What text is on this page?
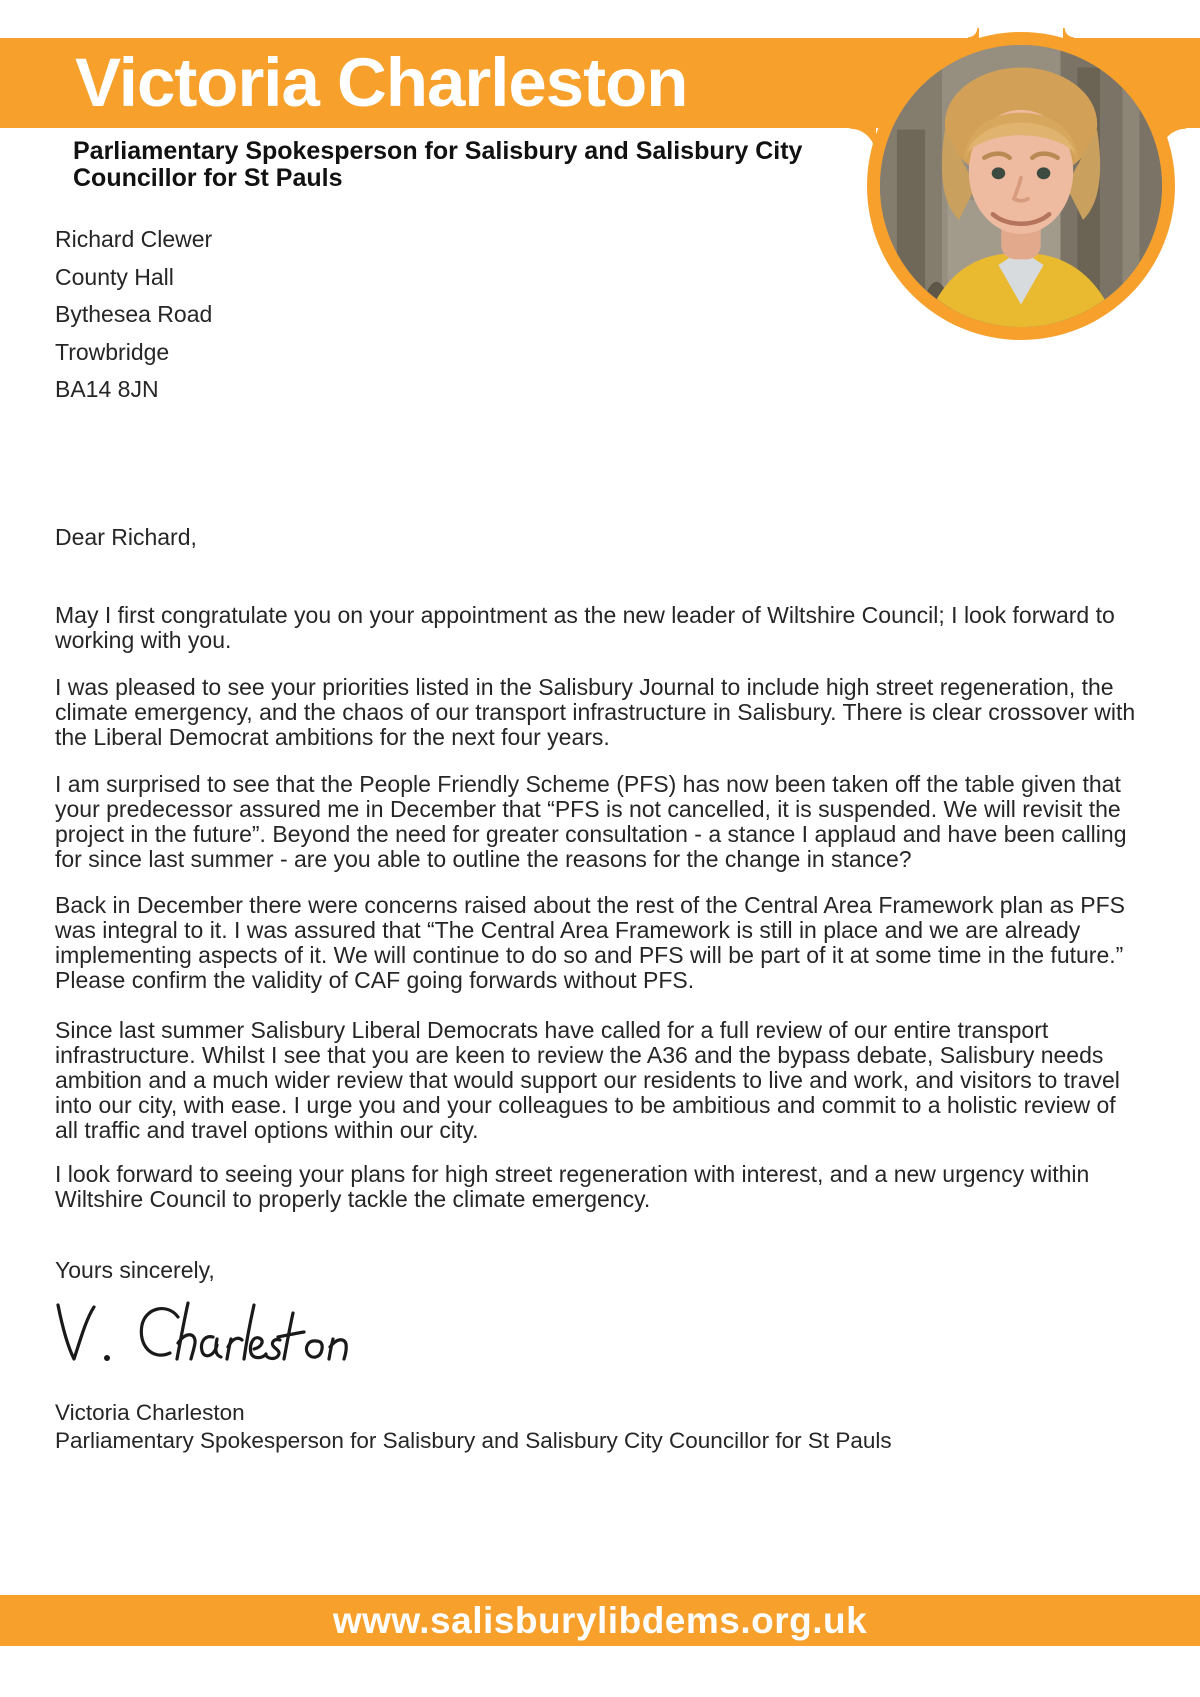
Victoria Charleston
Parliamentary Spokesperson for Salisbury and Salisbury City Councillor for St Pauls
Richard Clewer
County Hall
Bythesea Road
Trowbridge
BA14 8JN

Dear Richard,

May I first congratulate you on your appointment as the new leader of Wiltshire Council; I look forward to working with you.

I was pleased to see your priorities listed in the Salisbury Journal to include high street regeneration, the climate emergency, and the chaos of our transport infrastructure in Salisbury. There is clear crossover with the Liberal Democrat ambitions for the next four years.

I am surprised to see that the People Friendly Scheme (PFS) has now been taken off the table given that your predecessor assured me in December that “PFS is not cancelled, it is suspended. We will revisit the project in the future”. Beyond the need for greater consultation - a stance I applaud and have been calling for since last summer - are you able to outline the reasons for the change in stance?

Back in December there were concerns raised about the rest of the Central Area Framework plan as PFS was integral to it. I was assured that “The Central Area Framework is still in place and we are already implementing aspects of it. We will continue to do so and PFS will be part of it at some time in the future.” Please confirm the validity of CAF going forwards without PFS.

Since last summer Salisbury Liberal Democrats have called for a full review of our entire transport infrastructure. Whilst I see that you are keen to review the A36 and the bypass debate, Salisbury needs ambition and a much wider review that would support our residents to live and work, and visitors to travel into our city, with ease. I urge you and your colleagues to be ambitious and commit to a holistic review of all traffic and travel options within our city.

I look forward to seeing your plans for high street regeneration with interest, and a new urgency within Wiltshire Council to properly tackle the climate emergency.

Yours sincerely,

Victoria Charleston

Parliamentary Spokesperson for Salisbury and Salisbury City Councillor for St Pauls

www.salisburylibdems.org.uk
